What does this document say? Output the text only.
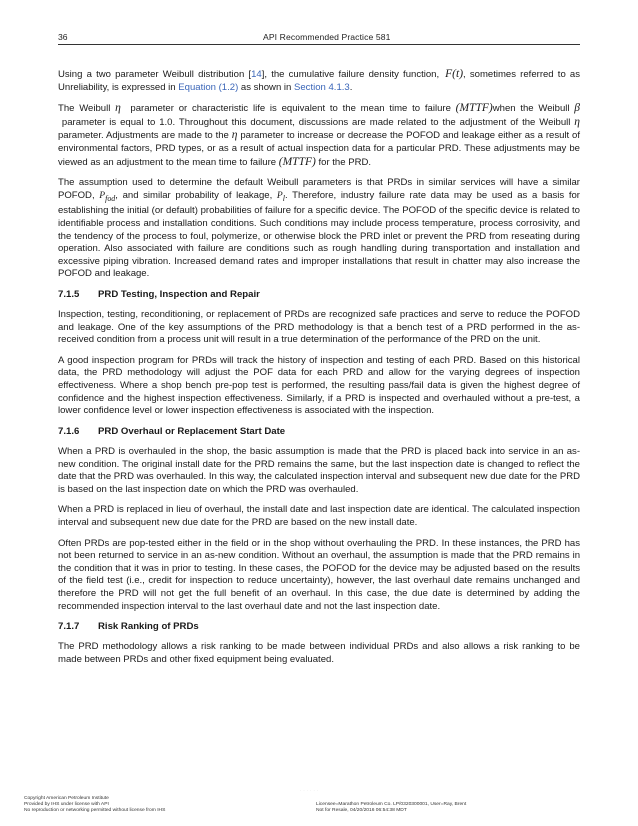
36	API Recommended Practice 581

Using a two parameter Weibull distribution [14], the cumulative failure density function, F(t), sometimes referred to as Unreliability, is expressed in Equation (1.2) as shown in Section 4.1.3.

The Weibull η parameter or characteristic life is equivalent to the mean time to failure (MTTF)when the Weibull β  parameter is equal to 1.0. Throughout this document, discussions are made related to the adjustment of the Weibull η parameter. Adjustments are made to the η parameter to increase or decrease the POFOD and leakage either as a result of environmental factors, PRD types, or as a result of actual inspection data for a particular PRD. These adjustments may be viewed as an adjustment to the mean time to failure (MTTF) for the PRD.

The assumption used to determine the default Weibull parameters is that PRDs in similar services will have a similar POFOD, $P_{fod}$, and similar probability of leakage, $P_l$. Therefore, industry failure rate data may be used as a basis for establishing the initial (or default) probabilities of failure for a specific device. The POFOD of the specific device is related to identifiable process and installation conditions. Such conditions may include process temperature, process corrosivity, and the tendency of the process to foul, polymerize, or otherwise block the PRD inlet or prevent the PRD from reseating during operation. Also associated with failure are conditions such as rough handling during transportation and installation and excessive piping vibration. Increased demand rates and improper installations that result in chatter may also increase the POFOD and leakage.

7.1.5 PRD Testing, Inspection and Repair

Inspection, testing, reconditioning, or replacement of PRDs are recognized safe practices and serve to reduce the POFOD and leakage. One of the key assumptions of the PRD methodology is that a bench test of a PRD performed in the as-received condition from a process unit will result in a true determination of the performance of the PRD on the unit.

A good inspection program for PRDs will track the history of inspection and testing of each PRD. Based on this historical data, the PRD methodology will adjust the POF data for each PRD and allow for the varying degrees of inspection effectiveness. Where a shop bench pre-pop test is performed, the resulting pass/fail data is given the highest degree of confidence and the highest inspection effectiveness. Similarly, if a PRD is inspected and overhauled without a pre-test, a lower confidence level or lower inspection effectiveness is associated with the inspection.

7.1.6 PRD Overhaul or Replacement Start Date

When a PRD is overhauled in the shop, the basic assumption is made that the PRD is placed back into service in an as-new condition. The original install date for the PRD remains the same, but the last inspection date is changed to reflect the date that the PRD was overhauled. In this way, the calculated inspection interval and subsequent new due date for the PRD is based on the last inspection date on which the PRD was overhauled.

When a PRD is replaced in lieu of overhaul, the install date and last inspection date are identical. The calculated inspection interval and subsequent new due date for the PRD are based on the new install date.

Often PRDs are pop-tested either in the field or in the shop without overhauling the PRD. In these instances, the PRD has not been returned to service in an as-new condition. Without an overhaul, the assumption is made that the PRD remains in the condition that it was in prior to testing. In these cases, the POFOD for the device may be adjusted based on the results of the field test (i.e., credit for inspection to reduce uncertainty), however, the last overhaul date remains unchanged and therefore the PRD will not get the full benefit of an overhaul. In this case, the due date is determined by adding the recommended inspection interval to the last overhaul date and not the last inspection date.

7.1.7 Risk Ranking of PRDs

The PRD methodology allows a risk ranking to be made between individual PRDs and also allows a risk ranking to be made between PRDs and other fixed equipment being evaluated.

‧ ‧ ‧ ‧ ‧ ‧
Copyright American Petroleum Institute
Provided by IHS under license with API
No reproduction or networking permitted without license from IHS
Licensee=Marathon Petroleum Co. LP/0320300001, User=Ray, Brent
Not for Resale, 04/20/2016 06:54:38 MDT
